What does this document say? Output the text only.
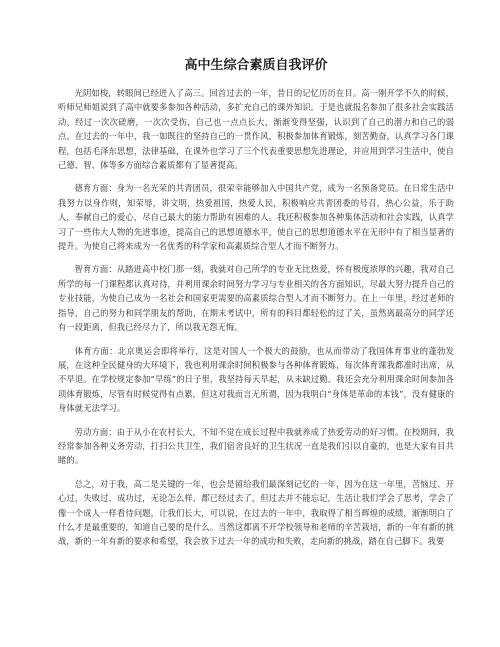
高中生综合素质自我评价

光阴如梭，转眼间已经进入了高三。回首过去的一年，昔日的记忆历历在目。高一刚开学不久的时候，听师兄师姐说到了高中就要多参加各种活动，多扩充自己的课外知识。于是也就报名参加了很多社会实践活动，经过一次次磋磨，一次次受伤，自己也一点点长大，渐渐变得坚强，认识到了自己的潜力和自己的弱点。在过去的一年中，我一如既往的坚持自己的一贯作风，积极参加体育锻炼，刻苦勤奋，认真学习各门课程，包括毛泽东思想，法律基础，在课外也学习了三个代表重要思想先进理论，并应用到学习生活中，使自己德、智、体等多方面综合素质都有了显著提高。

德育方面：身为一名光荣的共青团员，很荣幸能够加入中国共产党，成为一名预备党员。在日常生活中我努力以身作则，知荣辱，讲文明，热爱祖国，热爱人民，积极响应共青团委的号召，热心公益，乐于助人，奉献自己的爱心，尽自己最大的能力帮助有困难的人。我还积极参加各种集体活动和社会实践，认真学习了一些伟大人物的先进事迹，提高自己的思想道德水平，使自己的思想道德水平在无形中有了相当显著的提升。为使自己将来成为一名优秀的科学家和高素质综合型人才而不断努力。

智育方面：从踏进高中校门那一刻，我就对自己所学的专业无比热爱，怀有极度浓厚的兴趣，我对自己所学的每一门课程都认真对待，并利用课余时间努力学习与专业相关的各方面知识，尽最大努力提升自己的专业技能，为使自己成为一名社会和国家更需要的高素质综合型人才而不断努力。在上一年里，经过老师的指导，自己的努力和同学朋友的帮助，在期末考试中，所有的科目都轻松的过了关，虽然离最高分的同学还有一段距离，但我已经尽力了，所以我无怨无悔。

体育方面：北京奥运会即将举行，这是对国人一个极大的鼓励，也从而带动了我国体育事业的蓬勃发展，在这种全民健身的大环境下，我也利用课余时间积极参与各种体育锻炼，每次体育课我都准时出席，从不早退。在学校规定参加“早练”的日子里，我坚持每天早起，从未缺过勤。我还会充分利用课余时间参加各项体育锻炼，尽管有时候觉得有点累，但这对我而言无所谓，因为我明白“身体是革命的本钱”，没有健康的身体就无法学习。

劳动方面：由于从小在农村长大，不知不觉在成长过程中我就养成了热爱劳动的好习惯。在校期间，我经常参加各种义务劳动，打扫公共卫生，我们宿舍良好的卫生状况一直是我们引以自豪的，也是大家有目共睹的。

总之，对于我，高二是关键的一年，也会是留给我们最深刻记忆的一年，因为在这一年里，苦恼过、开心过，失败过、成功过，无论怎么样，都已经过去了，但过去并不能忘记，生活让我们学会了思考，学会了像一个成人一样看待问题，让我们长大，可以说，在过去的一年中，我取得了相当辉煌的成绩，渐渐明白了什么才是最重要的，知道自己要的是什么。当然这都离不开学校领导和老师的辛苦栽培，新的一年有新的挑战，新的一年有新的要求和希望，我会放下过去一年的成功和失败，走向新的挑战，踏在自己脚下。我要
